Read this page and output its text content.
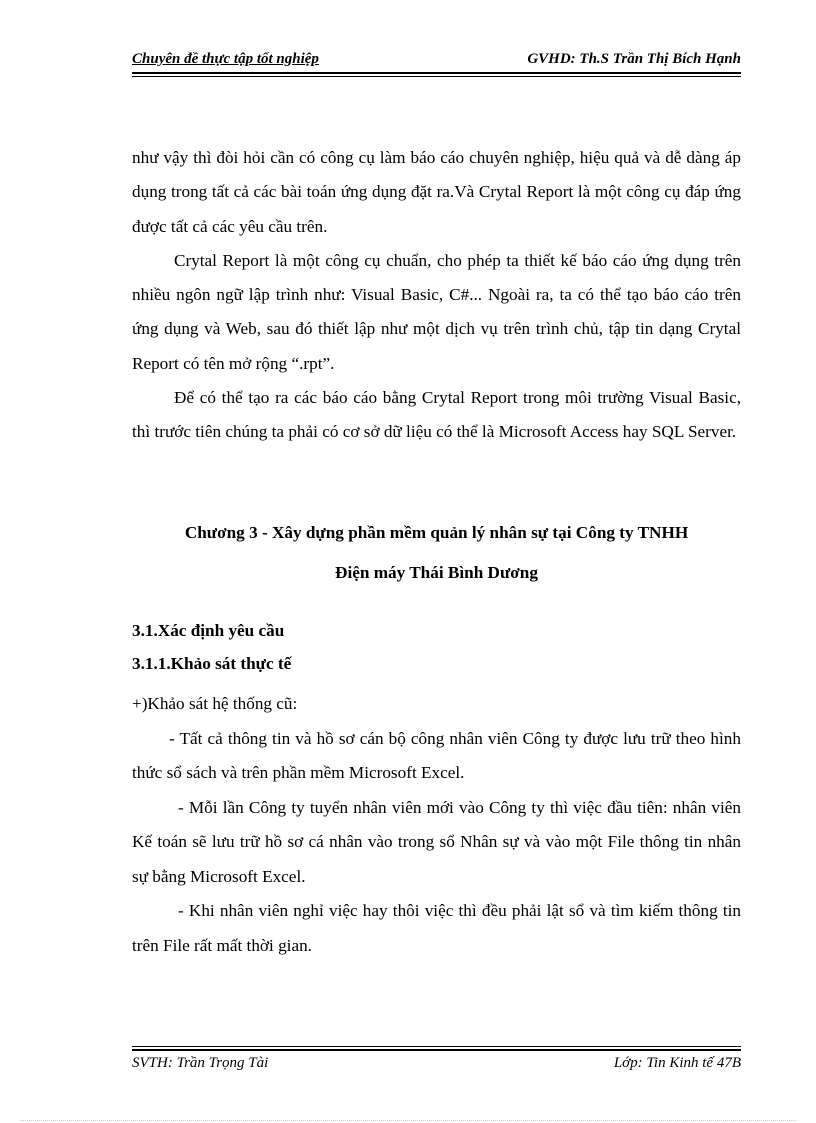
Chuyên đề thực tập tốt nghiệp	GVHD: Th.S Trần Thị Bích Hạnh

như vậy thì đòi hỏi cần có công cụ làm báo cáo chuyên nghiệp, hiệu quả và dễ dàng áp dụng trong tất cả các bài toán ứng dụng đặt ra.Và Crytal Report là một công cụ đáp ứng được tất cả các yêu cầu trên.

Crytal Report là một công cụ chuẩn, cho phép ta thiết kế báo cáo ứng dụng trên nhiều ngôn ngữ lập trình như: Visual Basic, C#... Ngoài ra, ta có thể tạo báo cáo trên ứng dụng và Web, sau đó thiết lập như một dịch vụ trên trình chủ, tập tin dạng Crytal Report có tên mở rộng “.rpt”.

Để có thể tạo ra các báo cáo bằng Crytal Report trong môi trường Visual Basic, thì trước tiên chúng ta phải có cơ sở dữ liệu có thể là Microsoft Access hay SQL Server.

Chương 3 - Xây dựng phần mềm quản lý nhân sự tại Công ty TNHH
Điện máy Thái Bình Dương
3.1.Xác định yêu cầu
3.1.1.Khảo sát thực tế

+)Khảo sát hệ thống cũ:

- Tất cả thông tin và hồ sơ cán bộ công nhân viên Công ty được lưu trữ theo hình thức sổ sách và trên phần mềm Microsoft Excel.

- Mỗi lần Công ty tuyển nhân viên mới vào Công ty thì việc đầu tiên: nhân viên Kế toán sẽ lưu trữ hồ sơ cá nhân vào trong sổ Nhân sự và vào một File thông tin nhân sự bằng Microsoft Excel.

- Khi nhân viên nghỉ việc hay thôi việc thì đều phải lật sổ và tìm kiếm thông tin trên File rất mất thời gian.

SVTH: Trần Trọng Tài	Lớp: Tin Kinh tế 47B
